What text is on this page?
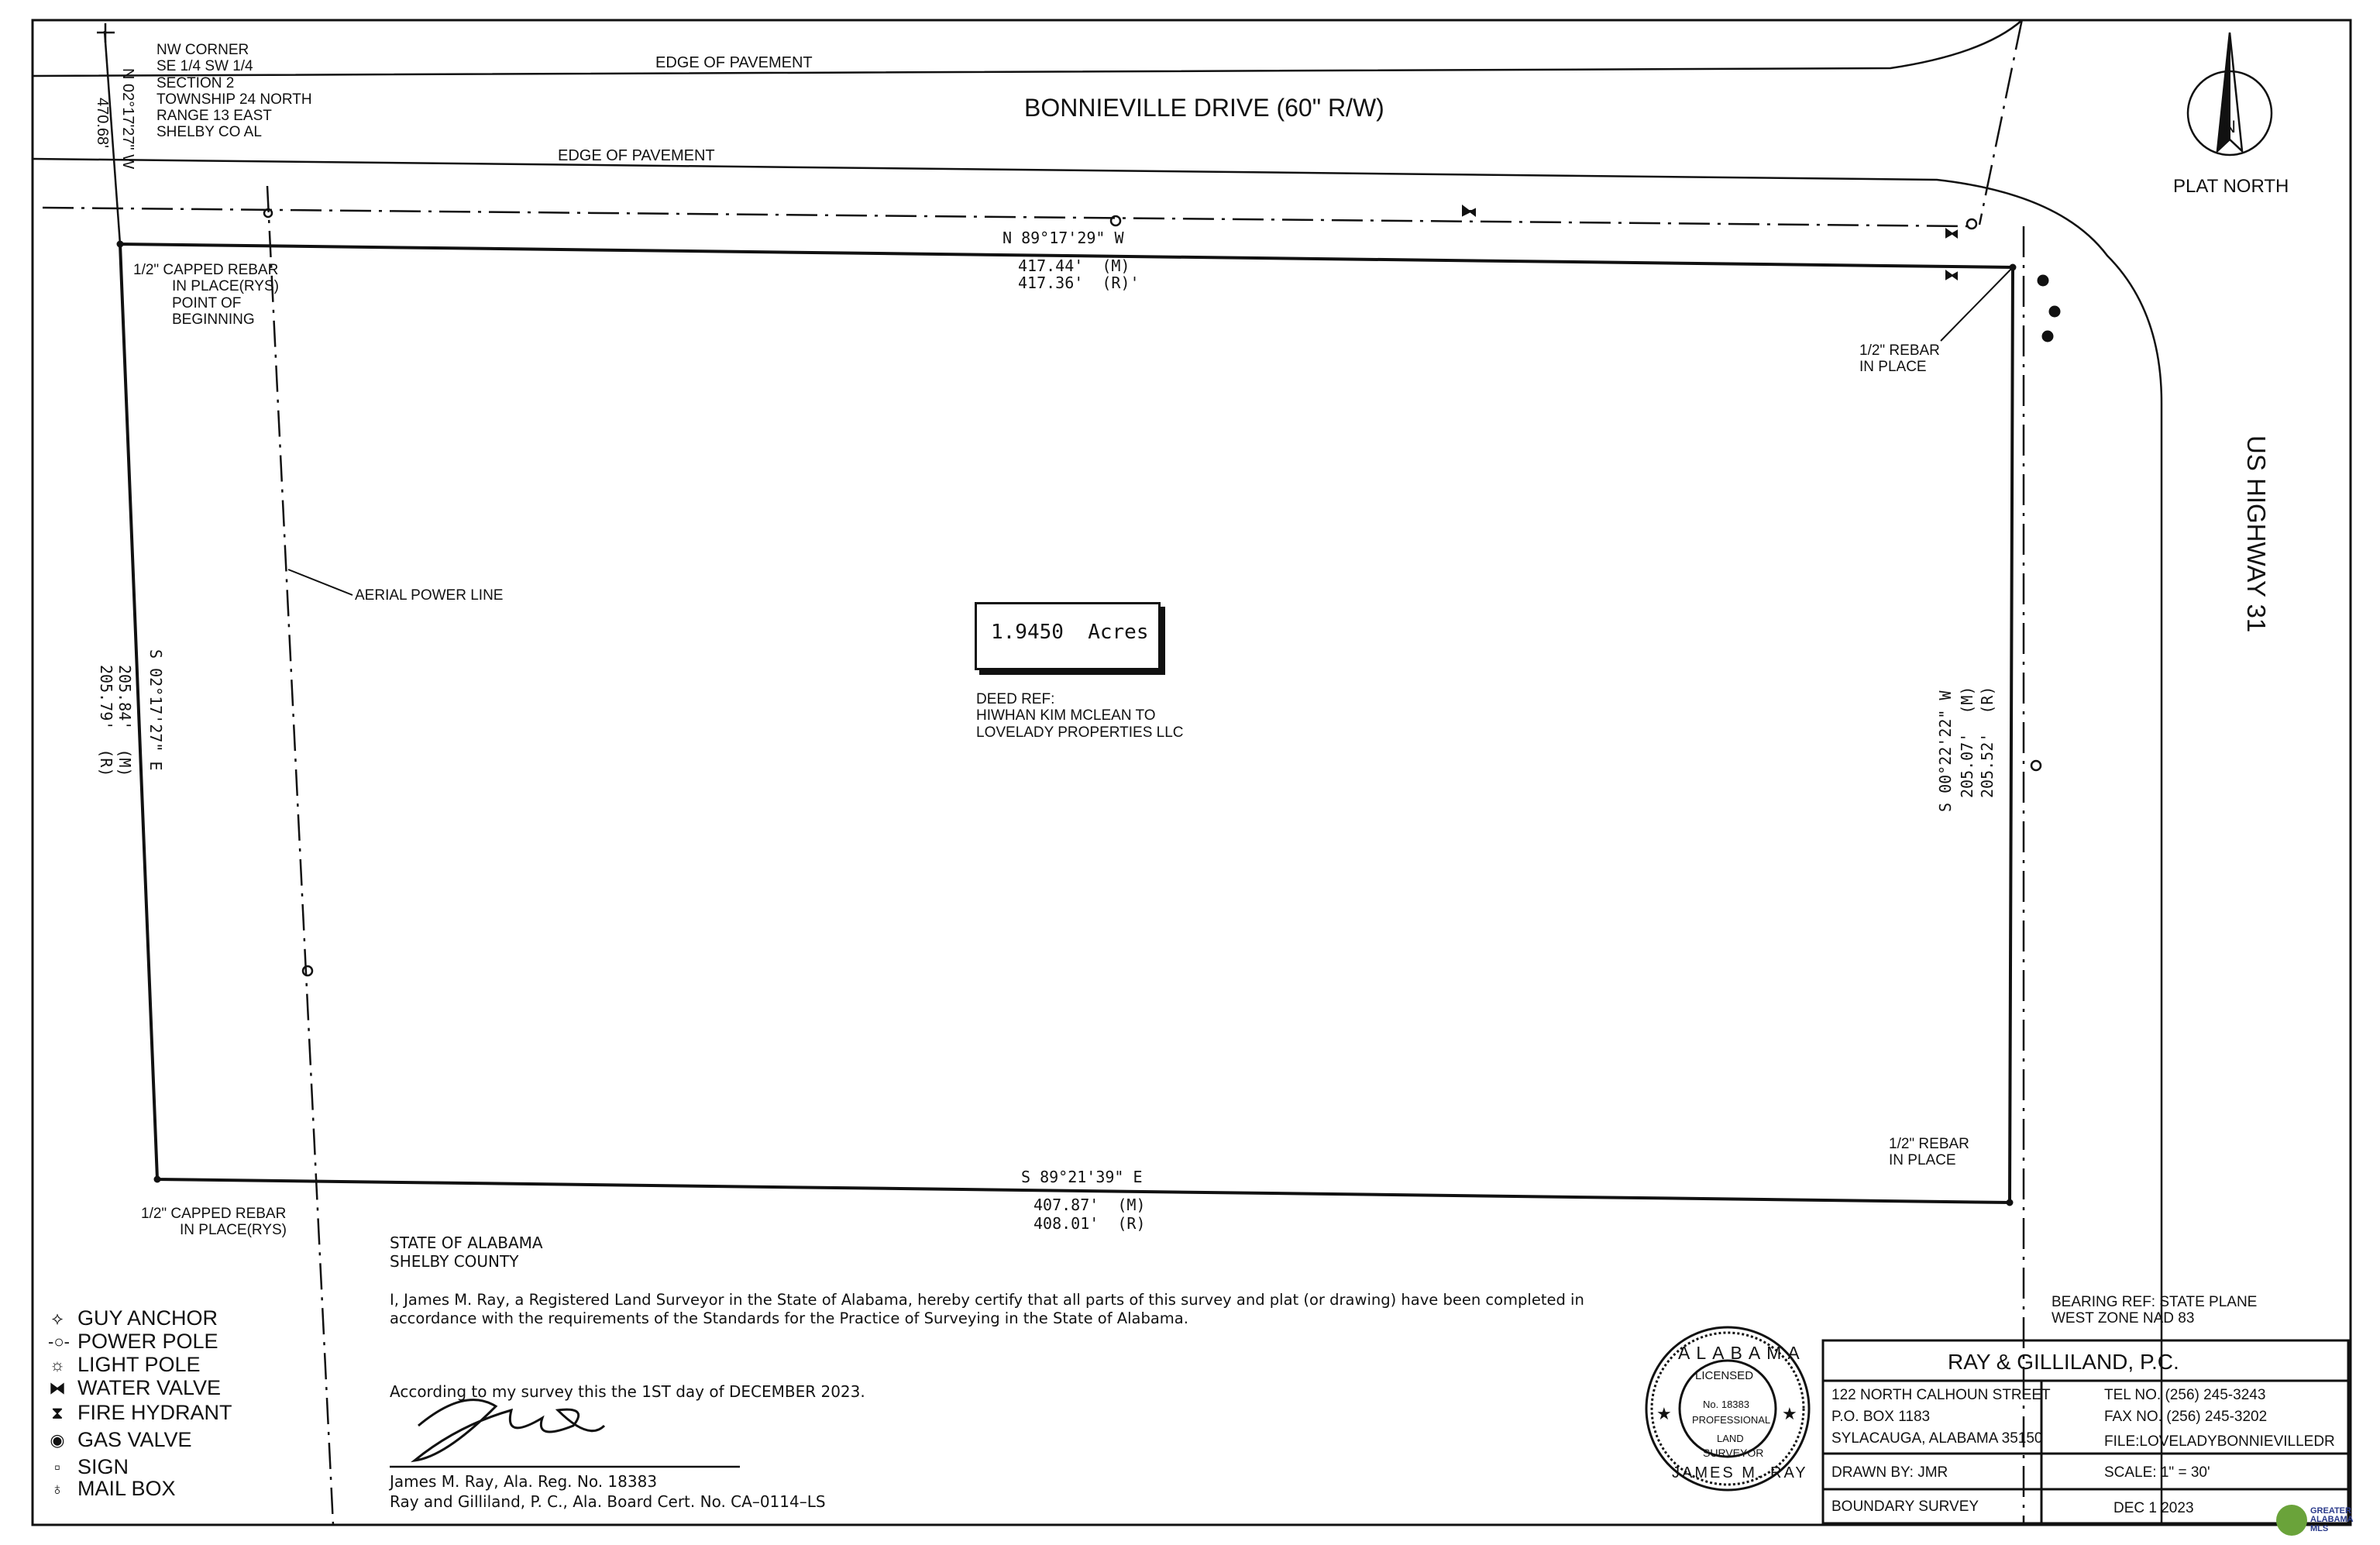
★	★
BONNIEVILLE DRIVE (60" R/W)
EDGE OF PAVEMENT
EDGE OF PAVEMENT
US HIGHWAY 31
N
PLAT NORTH
NW CORNER
SE 1/4 SW 1/4
SECTION 2
TOWNSHIP 24 NORTH
RANGE 13 EAST
SHELBY CO AL
N 02°17'27" W
470.68'
N 89°17'29" W
417.44'  (M)
417.36'  (R)'
S 89°21'39" E
407.87'  (M)
408.01'  (R)
S 02°17'27" E
205.84'  (M)
205.79'  (R)	S 00°22'22" W 205.07'  (M) 205.52'  (R)
1/2" CAPPED REBAR
IN PLACE(RYS)
POINT OF
BEGINNING
1/2" REBAR
IN PLACE
1/2" REBAR
IN PLACE
1/2" CAPPED REBAR
IN PLACE(RYS)
AERIAL POWER LINE
1.9450  Acres
DEED REF:
HIWHAN KIM MCLEAN TO
LOVELADY PROPERTIES LLC
⟡ GUY ANCHOR
-○- POWER POLE
☼ LIGHT POLE
⧓ WATER VALVE
⧗ FIRE HYDRANT
◉ GAS VALVE
▫ SIGN
♁ MAIL BOX
STATE OF ALABAMA
SHELBY COUNTY
I, James M. Ray, a Registered Land Surveyor in the State of Alabama, hereby certify that all parts of this survey and plat (or drawing) have been completed in
accordance with the requirements of the Standards for the Practice of Surveying in the State of Alabama.
According to my survey this the 1ST day of DECEMBER 2023.
James M. Ray, Ala. Reg. No. 18383
Ray and Gilliland, P. C., Ala. Board Cert. No. CA–0114–LS
ALABAMA
LICENSED
No. 18383
PROFESSIONAL
LAND
SURVEYOR
JAMES M. RAY
BEARING REF: STATE PLANE
WEST ZONE NAD 83
RAY & GILLILAND, P.C.
122 NORTH CALHOUN STREET
P.O. BOX 1183
SYLACAUGA, ALABAMA 35150
TEL NO. (256) 245-3243
FAX NO. (256) 245-3202
FILE:LOVELADYBONNIEVILLEDR
DRAWN BY: JMR	SCALE: 1" = 30'
BOUNDARY SURVEY	DEC 1 2023	GREATER
ALABAMA
MLS
